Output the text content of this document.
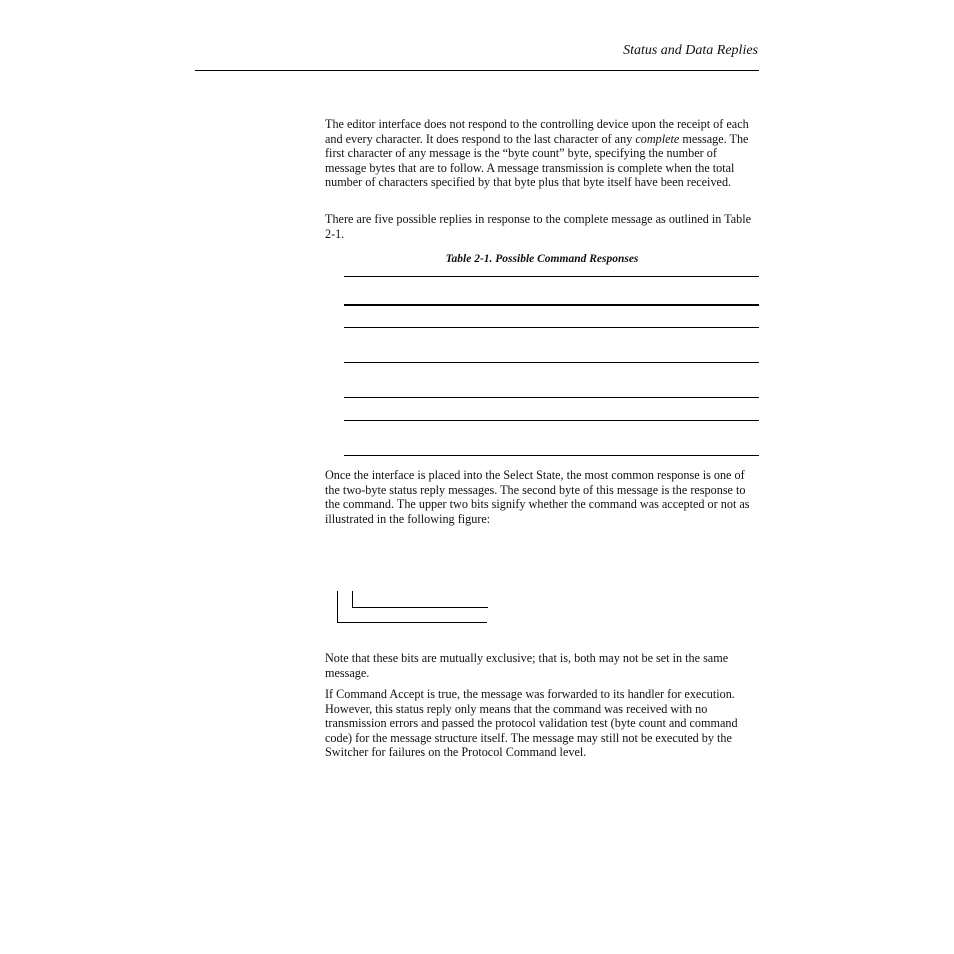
Status and Data Replies

The editor interface does not respond to the controlling device upon the receipt of each and every character. It does respond to the last character of any complete message. The first character of any message is the “byte count” byte, specifying the number of message bytes that are to follow. A message transmission is complete when the total number of characters specified by that byte plus that byte itself have been received.

There are five possible replies in response to the complete message as outlined in Table 2-1.

Table 2-1. Possible Command Responses

Once the interface is placed into the Select State, the most common response is one of the two-byte status reply messages. The second byte of this message is the response to the command. The upper two bits signify whether the command was accepted or not as illustrated in the following figure:

Note that these bits are mutually exclusive; that is, both may not be set in the same message.

If Command Accept is true, the message was forwarded to its handler for execution. However, this status reply only means that the command was received with no transmission errors and passed the protocol validation test (byte count and command code) for the message structure itself. The message may still not be executed by the Switcher for failures on the Protocol Command level.
